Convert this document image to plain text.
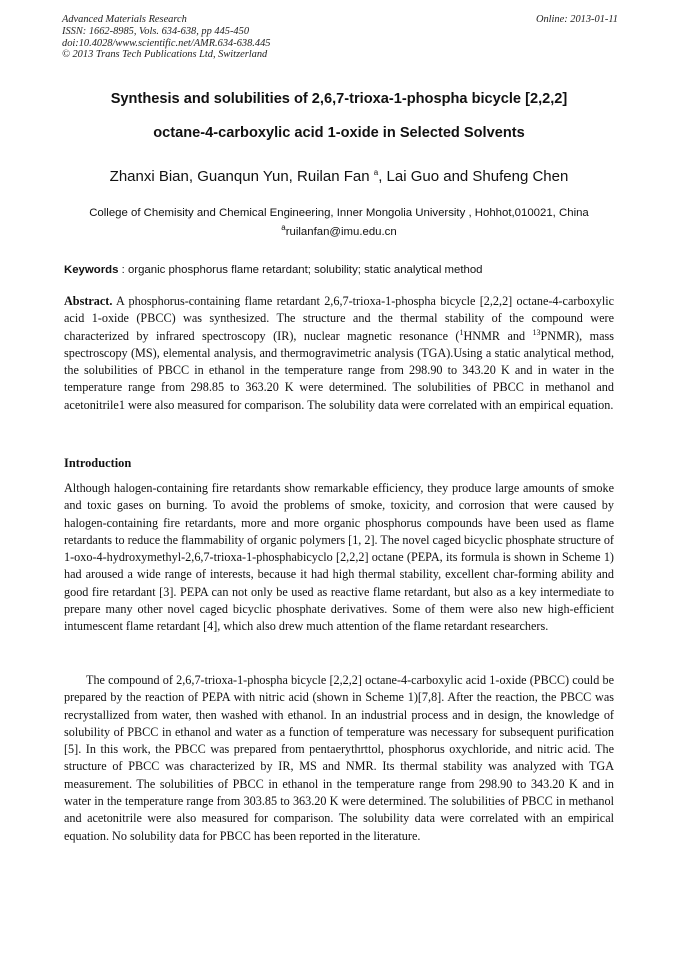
Advanced Materials Research	Online: 2013-01-11
ISSN: 1662-8985, Vols. 634-638, pp 445-450
doi:10.4028/www.scientific.net/AMR.634-638.445
© 2013 Trans Tech Publications Ltd, Switzerland
Synthesis and solubilities of 2,6,7-trioxa-1-phospha bicycle [2,2,2]
octane-4-carboxylic acid 1-oxide in Selected Solvents
Zhanxi Bian, Guanqun Yun, Ruilan Fan $^a$, Lai Guo and Shufeng Chen
College of Chemisity and Chemical Engineering, Inner Mongolia University , Hohhot,010021, China
$^a$ruilanfan@imu.edu.cn
Keywords : organic phosphorus flame retardant; solubility; static analytical method
Abstract. A phosphorus-containing flame retardant 2,6,7-trioxa-1-phospha bicycle [2,2,2] octane-4-carboxylic acid 1-oxide (PBCC) was synthesized. The structure and the thermal stability of the compound were characterized by infrared spectroscopy (IR), nuclear magnetic resonance ($^1$HNMR and $^{13}$PNMR), mass spectroscopy (MS), elemental analysis, and thermogravimetric analysis (TGA).Using a static analytical method, the solubilities of PBCC in ethanol in the temperature range from 298.90 to 343.20 K and in water in the temperature range from 298.85 to 363.20 K were determined. The solubilities of PBCC in methanol and acetonitrile1 were also measured for comparison. The solubility data were correlated with an empirical equation.
Introduction
Although halogen-containing fire retardants show remarkable efficiency, they produce large amounts of smoke and toxic gases on burning. To avoid the problems of smoke, toxicity, and corrosion that were caused by halogen-containing fire retardants, more and more organic phosphorus compounds have been used as flame retardants to reduce the flammability of organic polymers [1, 2]. The novel caged bicyclic phosphate structure of 1-oxo-4-hydroxymethyl-2,6,7-trioxa-1-phosphabicyclo [2,2,2] octane (PEPA, its formula is shown in Scheme 1) had aroused a wide range of interests, because it had high thermal stability, excellent char-forming ability and good fire retardant [3]. PEPA can not only be used as reactive flame retardant, but also as a key intermediate to prepare many other novel caged bicyclic phosphate derivatives. Some of them were also new high-efficient intumescent flame retardant [4], which also drew much attention of the flame retardant researchers.
The compound of 2,6,7-trioxa-1-phospha bicycle [2,2,2] octane-4-carboxylic acid 1-oxide (PBCC) could be prepared by the reaction of PEPA with nitric acid (shown in Scheme 1)[7,8]. After the reaction, the PBCC was recrystallized from water, then washed with ethanol. In an industrial process and in design, the knowledge of solubility of PBCC in ethanol and water as a function of temperature was necessary for subsequent purification [5]. In this work, the PBCC was prepared from pentaerythrttol, phosphorus oxychloride, and nitric acid. The structure of PBCC was characterized by IR, MS and NMR. Its thermal stability was analyzed with TGA measurement. The solubilities of PBCC in ethanol in the temperature range from 298.90 to 343.20 K and in water in the temperature range from 303.85 to 363.20 K were determined. The solubilities of PBCC in methanol and acetonitrile were also measured for comparison. The solubility data were correlated with an empirical equation. No solubility data for PBCC has been reported in the literature.
